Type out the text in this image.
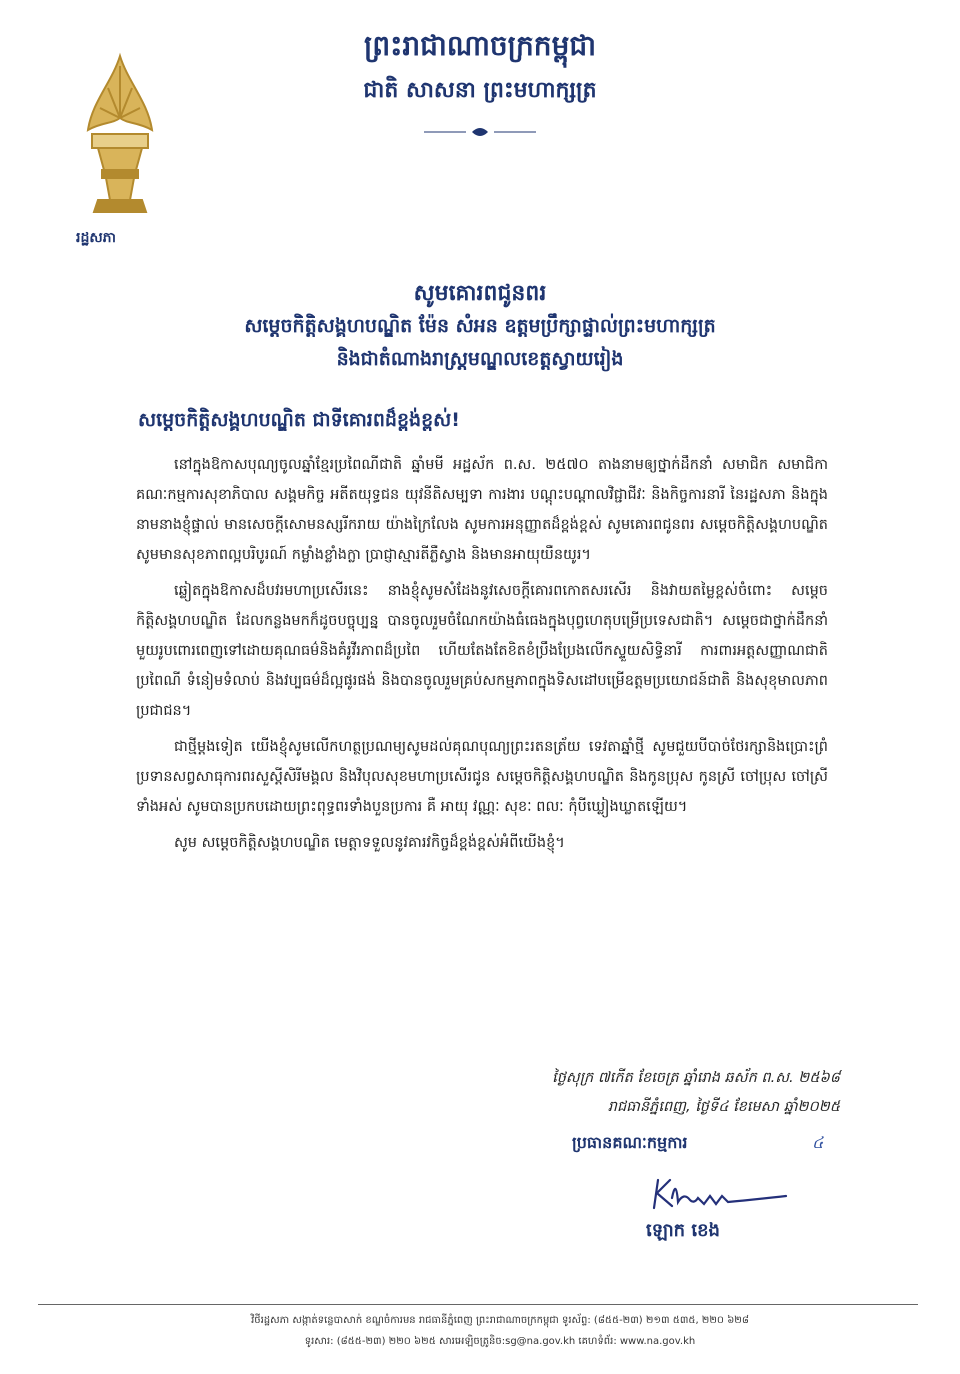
រដ្ឋសភា
ព្រះរាជាណាចក្រកម្ពុជា
ជាតិ សាសនា ព្រះមហាក្សត្រ
សូមគោរពជូនពរ
សម្ដេចកិត្តិសង្គហបណ្ឌិត ម៉ែន សំអន ឧត្តមប្រឹក្សាផ្ទាល់ព្រះមហាក្សត្រ
និងជាតំណាងរាស្ត្រមណ្ឌលខេត្តស្វាយរៀង
សម្ដេចកិត្តិសង្គហបណ្ឌិត ជាទីគោរពដ៏ខ្ពង់ខ្ពស់!

នៅក្នុងឱកាសបុណ្យចូលឆ្នាំខ្មែរប្រពៃណីជាតិ ឆ្នាំមមី អដ្ឋស័ក ព.ស. ២៥៧០ តាងនាមឲ្យថ្នាក់ដឹកនាំ សមាជិក សមាជិកា គណៈកម្មការសុខាភិបាល សង្គមកិច្ច អតីតយុទ្ធជន យុវនីតិសម្បទា ការងារ បណ្ដុះបណ្ដាលវិជ្ជាជីវៈ និងកិច្ចការនារី នៃរដ្ឋសភា និងក្នុងនាមនាងខ្ញុំផ្ទាល់ មានសេចក្ដីសោមនស្សរីករាយ យ៉ាងក្រៃលែង សូមការអនុញ្ញាតដ៏ខ្ពង់ខ្ពស់ សូមគោរពជូនពរ សម្ដេចកិត្តិសង្គហបណ្ឌិត សូមមានសុខភាពល្អបរិបូរណ៍ កម្លាំងខ្លាំងក្លា ប្រាជ្ញាស្មារតីភ្លឺស្វាង និងមានអាយុយឺនយូរ។

ឆ្លៀតក្នុងឱកាសដ៏បវរមហាប្រសើរនេះ នាងខ្ញុំសូមសំដែងនូវសេចក្ដីគោរពកោតសរសើរ និងវាយតម្លៃខ្ពស់ចំពោះ សម្ដេចកិត្តិសង្គហបណ្ឌិត ដែលកន្លងមកក៏ដូចបច្ចុប្បន្ន បានចូលរួមចំណែកយ៉ាងធំធេងក្នុងបុព្វហេតុបម្រើប្រទេសជាតិ។ សម្ដេចជាថ្នាក់ដឹកនាំមួយរូបពោរពេញទៅដោយគុណធម៌និងគំរូវីរភាពដ៏ប្រពៃ ហើយតែងតែខិតខំប្រឹងប្រែងលើកស្ទួយសិទ្ធិនារី ការពារអត្តសញ្ញាណជាតិ ប្រពៃណី ទំនៀមទំលាប់ និងវប្បធម៌ដ៏ល្អផូរផង់ និងបានចូលរួមគ្រប់សកម្មភាពក្នុងទិសដៅបម្រើឧត្តមប្រយោជន៍ជាតិ និងសុខុមាលភាពប្រជាជន។

ជាថ្មីម្ដងទៀត យើងខ្ញុំសូមលើកហត្ថប្រណម្យសូមដល់គុណបុណ្យព្រះរតនត្រ័យ ទេវតាឆ្នាំថ្មី សូមជួយបីបាច់ថែរក្សានិងប្រោះព្រំប្រទានសព្វសាធុការពរសួស្ដីសិរីមង្គល និងវិបុលសុខមហាប្រសើរជូន សម្ដេចកិត្តិសង្គហបណ្ឌិត និងកូនប្រុស កូនស្រី ចៅប្រុស ចៅស្រីទាំងអស់ សូមបានប្រកបដោយព្រះពុទ្ធពរទាំងបួនប្រការ គឺ អាយុ វណ្ណៈ សុខៈ ពលៈ កុំបីឃ្លៀងឃ្លាតឡើយ។

សូម សម្ដេចកិត្តិសង្គហបណ្ឌិត មេត្តាទទួលនូវគារវកិច្ចដ៏ខ្ពង់ខ្ពស់អំពីយើងខ្ញុំ។

ថ្ងៃសុក្រ ៧កើត ខែចេត្រ ឆ្នាំរោង ឆស័ក ព.ស. ២៥៦៨
រាជធានីភ្នំពេញ, ថ្ងៃទី៤ ខែមេសា ឆ្នាំ២០២៥
ប្រធានគណៈកម្មការ	៤
ឡោក ខេង
វិថីរដ្ឋសភា សង្កាត់ទន្លេបាសាក់ ខណ្ឌចំការមន រាជធានីភ្នំពេញ ព្រះរាជាណាចក្រកម្ពុជា ទូរស័ព្ទ: (៨៥៥-២៣) ២១៣ ៥៣៥, ២២០ ៦២៨
ទូរសារ: (៨៥៥-២៣) ២២០ ៦២៥ សារអេឡិចត្រូនិច:sg@na.gov.kh គេហទំព័រ: www.na.gov.kh
